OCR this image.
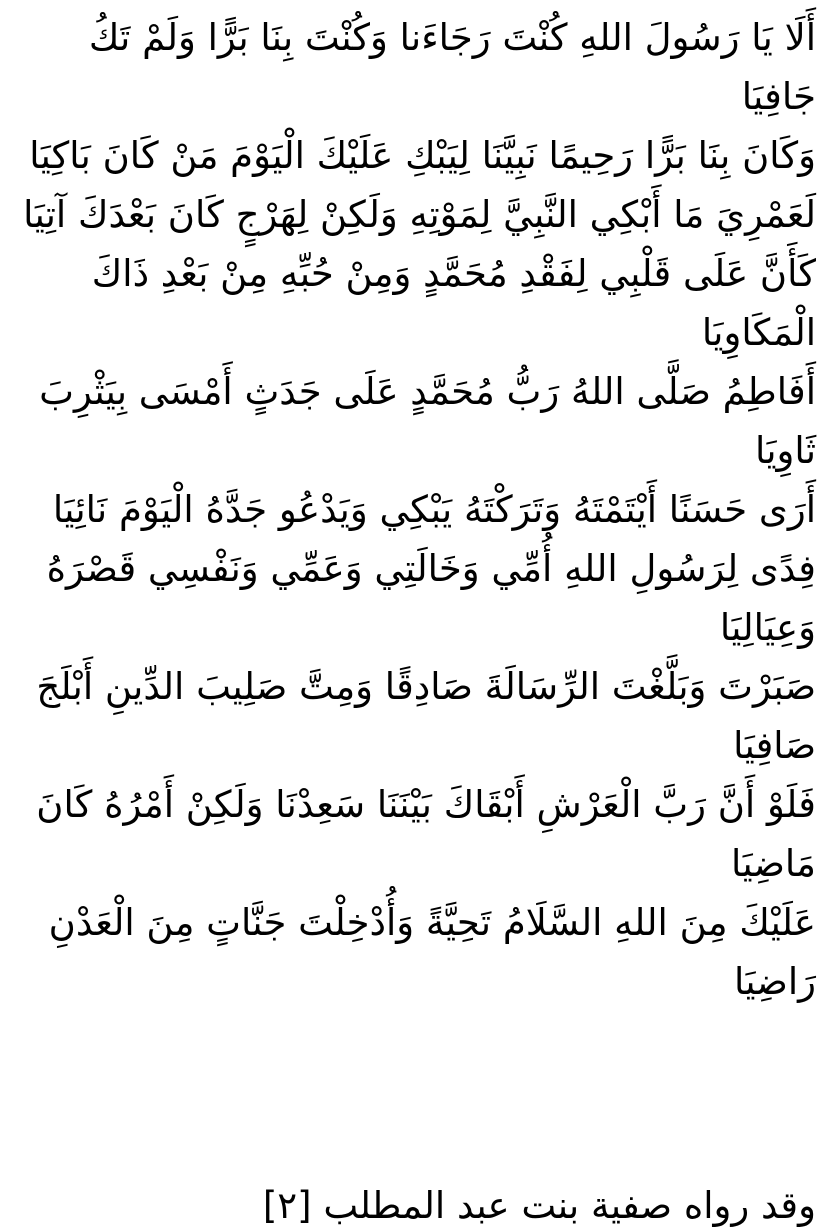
أَلَا يَا رَسُولَ اللهِ كُنْتَ رَجَاءَنا وَكُنْتَ بِنَا بَرًّا وَلَمْ تَكُ جَافِيَا

وَكَانَ بِنَا بَرًّا رَحِيمًا نَبِيَّنَا لِيَبْكِ عَلَيْكَ الْيَوْمَ مَنْ كَانَ بَاكِيَا

لَعَمْرِيَ مَا أَبْكِي النَّبِيَّ لِمَوْتِهِ وَلَكِنْ لِهَرْجٍ كَانَ بَعْدَكَ آتِيَا

كَأَنَّ عَلَى قَلْبِي لِفَقْدِ مُحَمَّدٍ وَمِنْ حُبِّهِ مِنْ بَعْدِ ذَاكَ الْمَكَاوِيَا

أَفَاطِمُ صَلَّى اللهُ رَبُّ مُحَمَّدٍ عَلَى جَدَثٍ أَمْسَى بِيَثْرِبَ ثَاوِيَا

أَرَى حَسَنًا أَيْتَمْتَهُ وَتَرَكْتَهُ يَبْكِي وَيَدْعُو جَدَّهُ الْيَوْمَ نَائِيَا

فِدًى لِرَسُولِ اللهِ أُمِّي وَخَالَتِي وَعَمِّي وَنَفْسِي قَصْرَهُ وَعِيَالِيَا

صَبَرْتَ وَبَلَّغْتَ الرِّسَالَةَ صَادِقًا وَمِتَّ صَلِيبَ الدِّينِ أَبْلَجَ صَافِيَا

فَلَوْ أَنَّ رَبَّ الْعَرْشِ أَبْقَاكَ بَيْنَنَا سَعِدْنَا وَلَكِنْ أَمْرُهُ كَانَ مَاضِيَا

عَلَيْكَ مِنَ اللهِ السَّلَامُ تَحِيَّةً وَأُدْخِلْتَ جَنَّاتٍ مِنَ الْعَدْنِ رَاضِيَا

وقد رواه صفية بنت عبد المطلب [٢]
